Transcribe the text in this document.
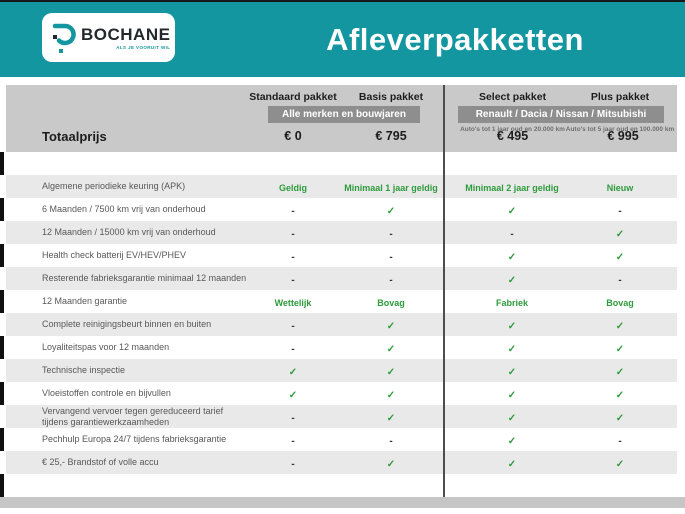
BOCHANE
ALS JE VOORUIT WIL	Afleverpakketten
Standaard pakket	Basis pakket	Select pakket	Plus pakket
Alle merken en bouwjaren	Renault / Dacia / Nissan / Mitsubishi
Auto's tot 1 jaar oud en 20.000 km Auto's tot 5 jaar oud en 100.000 km
Totaalprijs	€ 0	€ 795	€ 495	€ 995
Algemene periodieke keuring (APK)	Geldig	Minimaal 1 jaar geldig	Minimaal 2 jaar geldig	Nieuw
6 Maanden / 7500 km vrij van onderhoud	-	✓	✓	-
12 Maanden / 15000 km vrij van onderhoud	-	-	-	✓
Health check batterij EV/HEV/PHEV	-	-	✓	✓
Resterende fabrieksgarantie minimaal 12 maanden	-	-	✓	-
12 Maanden garantie	Wettelijk	Bovag	Fabriek	Bovag
Complete reinigingsbeurt binnen en buiten	-	✓	✓	✓
Loyaliteitspas voor 12 maanden	-	✓	✓	✓
Technische inspectie	✓	✓	✓	✓
Vloeistoffen controle en bijvullen	✓	✓	✓	✓
Vervangend vervoer tegen gereduceerd tarief
tijdens garantiewerkzaamheden	-	✓	✓	✓
Pechhulp Europa 24/7 tijdens fabrieksgarantie	-	-	✓	-
€ 25,- Brandstof of volle accu	-	✓	✓	✓
